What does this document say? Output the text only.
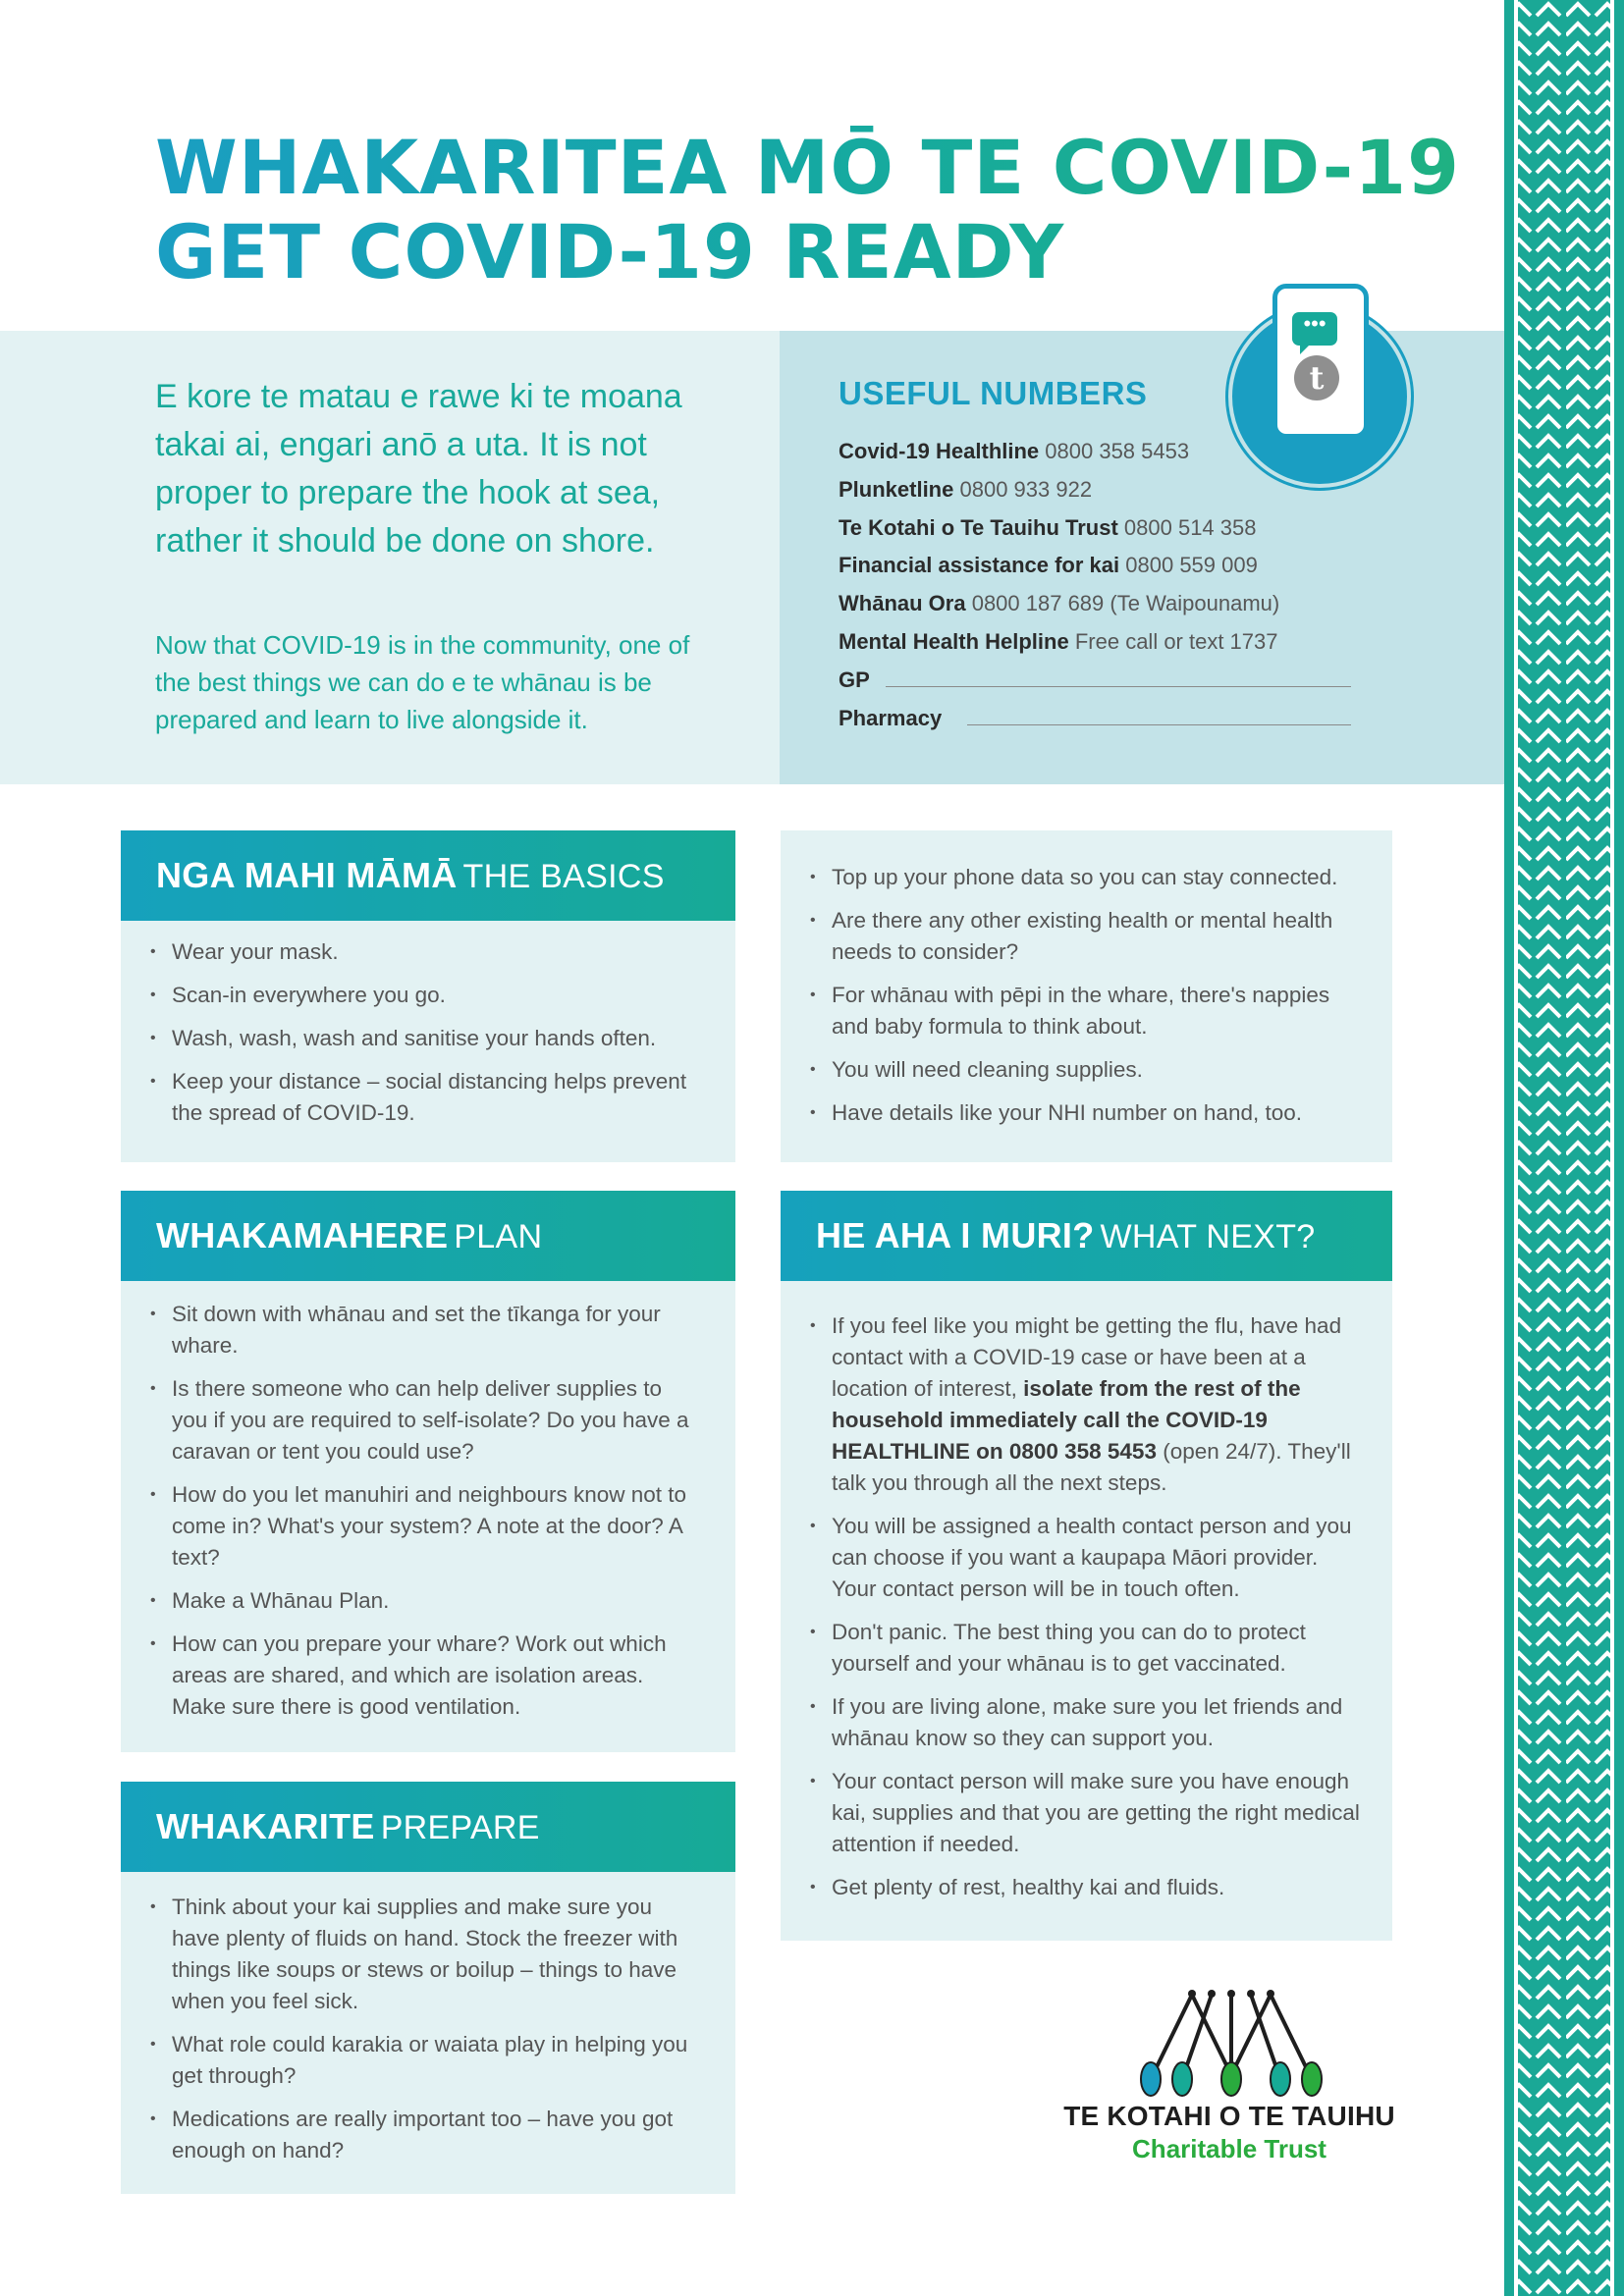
WHAKARITEA MŌ TE COVID-19
GET COVID-19 READY

E kore te matau e rawe ki te moana takai ai, engari anō a uta. It is not proper to prepare the hook at sea, rather it should be done on shore.

Now that COVID-19 is in the community, one of the best things we can do e te whānau is be prepared and learn to live alongside it.

•••
t
USEFUL NUMBERS
Covid-19 Healthline 0800 358 5453
Plunketline 0800 933 922
Te Kotahi o Te Tauihu Trust 0800 514 358
Financial assistance for kai 0800 559 009
Whānau Ora 0800 187 689 (Te Waipounamu)
Mental Health Helpline Free call or text 1737
GP
Pharmacy
NGA MAHI MĀMĀ THE BASICS
• Wear your mask.
• Scan-in everywhere you go.
• Wash, wash, wash and sanitise your hands often.
• Keep your distance – social distancing helps prevent the spread of COVID-19.
• Top up your phone data so you can stay connected.
• Are there any other existing health or mental health needs to consider?
• For whānau with pēpi in the whare, there's nappies and baby formula to think about.
• You will need cleaning supplies.
• Have details like your NHI number on hand, too.
WHAKAMAHERE PLAN
• Sit down with whānau and set the tīkanga for your whare.
• Is there someone who can help deliver supplies to you if you are required to self-isolate? Do you have a caravan or tent you could use?
• How do you let manuhiri and neighbours know not to come in? What's your system? A note at the door? A text?
• Make a Whānau Plan.
• How can you prepare your whare? Work out which areas are shared, and which are isolation areas. Make sure there is good ventilation.
WHAKARITE PREPARE
• Think about your kai supplies and make sure you have plenty of fluids on hand. Stock the freezer with things like soups or stews or boilup – things to have when you feel sick.
• What role could karakia or waiata play in helping you get through?
• Medications are really important too – have you got enough on hand?
HE AHA I MURI? WHAT NEXT?
• If you feel like you might be getting the flu, have had contact with a COVID-19 case or have been at a location of interest, isolate from the rest of the household immediately call the COVID-19 HEALTHLINE on 0800 358 5453 (open 24/7). They'll talk you through all the next steps.
• You will be assigned a health contact person and you can choose if you want a kaupapa Māori provider. Your contact person will be in touch often.
• Don't panic. The best thing you can do to protect yourself and your whānau is to get vaccinated.
• If you are living alone, make sure you let friends and whānau know so they can support you.
• Your contact person will make sure you have enough kai, supplies and that you are getting the right medical attention if needed.
• Get plenty of rest, healthy kai and fluids.

TE KOTAHI O TE TAUIHU

Charitable Trust
